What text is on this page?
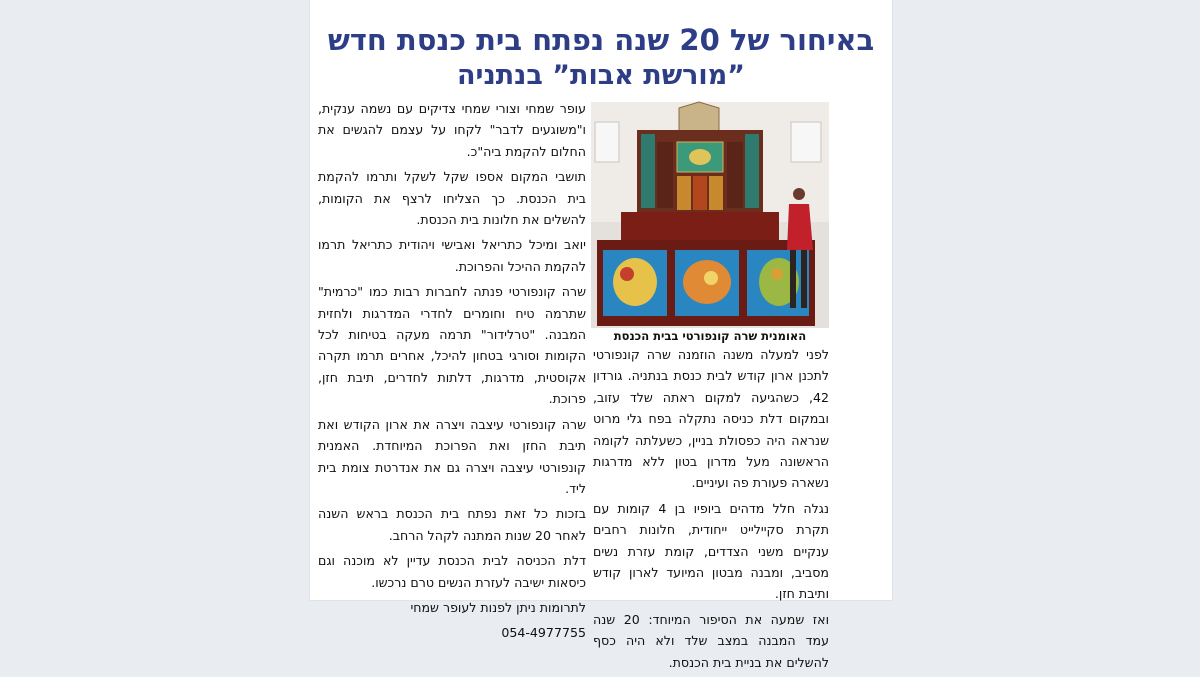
באיחור של 20 שנה נפתח בית כנסת חדש
”מורשת אבות” בנתניה
האומנית שרה קונפורטי בבית הכנסת

עופר שמחי וצורי שמחי צדיקים עם נשמה ענקית, ו"משוגעים לדבר" לקחו על עצמם להגשים את החלום להקמת ביה"כ.

תושבי המקום אספו שקל לשקל ותרמו להקמת בית הכנסת. כך הצליחו לרצף את הקומות, להשלים את חלונות בית הכנסת.

יואב ומיכל כתריאל ואבישי ויהודית כתריאל תרמו להקמת ההיכל והפרוכת.

שרה קונפורטי פנתה לחברות רבות כמו "כרמית" שתרמה טיח וחומרים לחדרי המדרגות ולחזית המבנה. "טרלידור" תרמה מעקה בטיחות לכל הקומות וסורגי בטחון להיכל, אחרים תרמו תקרה אקוסטית, מדרגות, דלתות לחדרים, תיבת חזן, פרוכת.

שרה קונפורטי עיצבה ויצרה את ארון הקודש ואת תיבת החזן ואת הפרוכת המיוחדת. האמנית קונפורטי עיצבה ויצרה גם את אנדרטת צומת בית ליד.

בזכות כל זאת נפתח בית הכנסת בראש השנה לאחר 20 שנות המתנה לקהל הרחב.

דלת הכניסה לבית הכנסת עדיין לא מוכנה וגם כיסאות ישיבה לעזרת הנשים טרם נרכשו.

לתרומות ניתן לפנות לעופר שמחי

054-4977755

לפני למעלה משנה הוזמנה שרה קונפורטי לתכנן ארון קודש לבית כנסת בנתניה. גורדון 42, כשהגיעה למקום ראתה שלד עזוב, ובמקום דלת כניסה נתקלה בפח גלי מרוט שנראה היה כפסולת בניין, כשעלתה לקומה הראשונה מעל מדרון בטון ללא מדרגות נשארה פעורת פה ועיניים.

נגלה חלל מדהים ביופיו בן 4 קומות עם תקרת סקיילייט ייחודית, חלונות רחבים ענקיים משני הצדדים, קומת עזרת נשים מסביב, ומבנה מבטון המיועד לארון קודש ותיבת חזן.

ואז שמעה את הסיפור המיוחד: 20 שנה עמד המבנה במצב שלד ולא היה כסף להשלים את בניית בית הכנסת.
